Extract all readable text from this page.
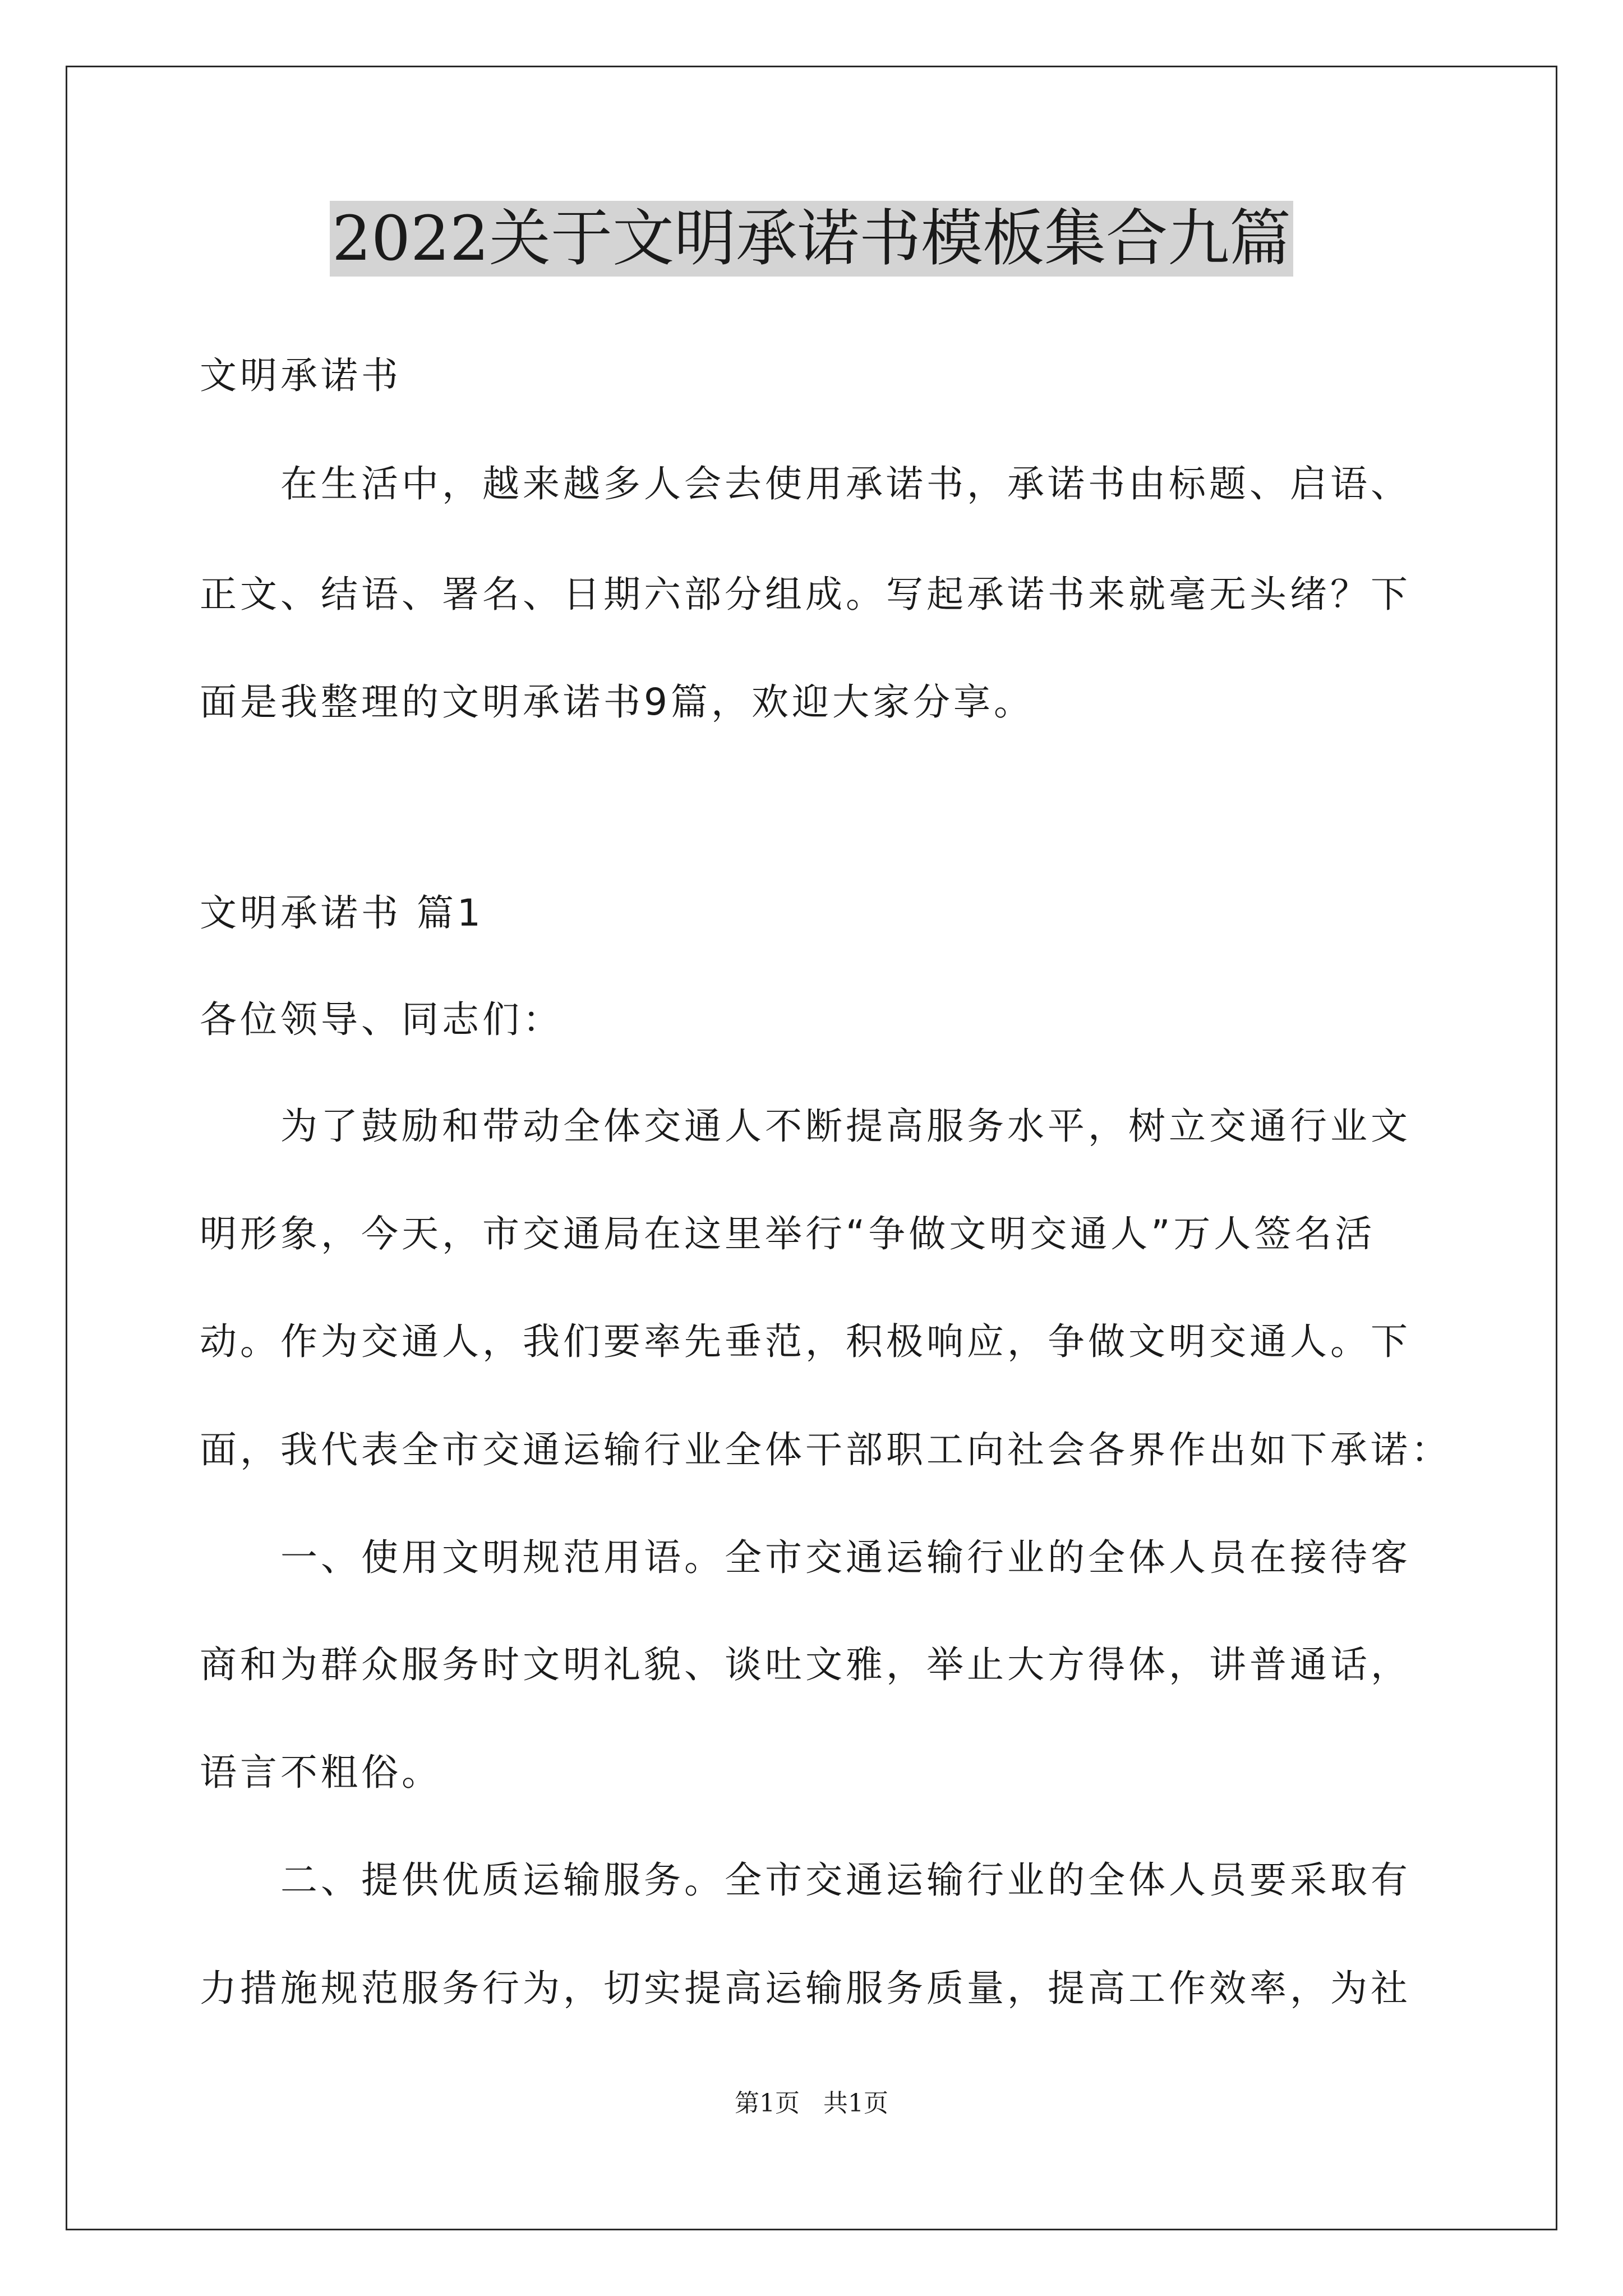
2022关于文明承诺书模板集合九篇
文明承诺书
在生活中，越来越多人会去使用承诺书，承诺书由标题、启语、
正文、结语、署名、日期六部分组成。写起承诺书来就毫无头绪？下
面是我整理的文明承诺书9篇，欢迎大家分享。
文明承诺书 篇1
各位领导、同志们：
为了鼓励和带动全体交通人不断提高服务水平，树立交通行业文
明形象，今天，市交通局在这里举行“争做文明交通人”万人签名活
动。作为交通人，我们要率先垂范，积极响应，争做文明交通人。下
面，我代表全市交通运输行业全体干部职工向社会各界作出如下承诺：
一、使用文明规范用语。全市交通运输行业的全体人员在接待客
商和为群众服务时文明礼貌、谈吐文雅，举止大方得体，讲普通话，
语言不粗俗。
二、提供优质运输服务。全市交通运输行业的全体人员要采取有
力措施规范服务行为，切实提高运输服务质量，提高工作效率，为社
第1页   共1页
